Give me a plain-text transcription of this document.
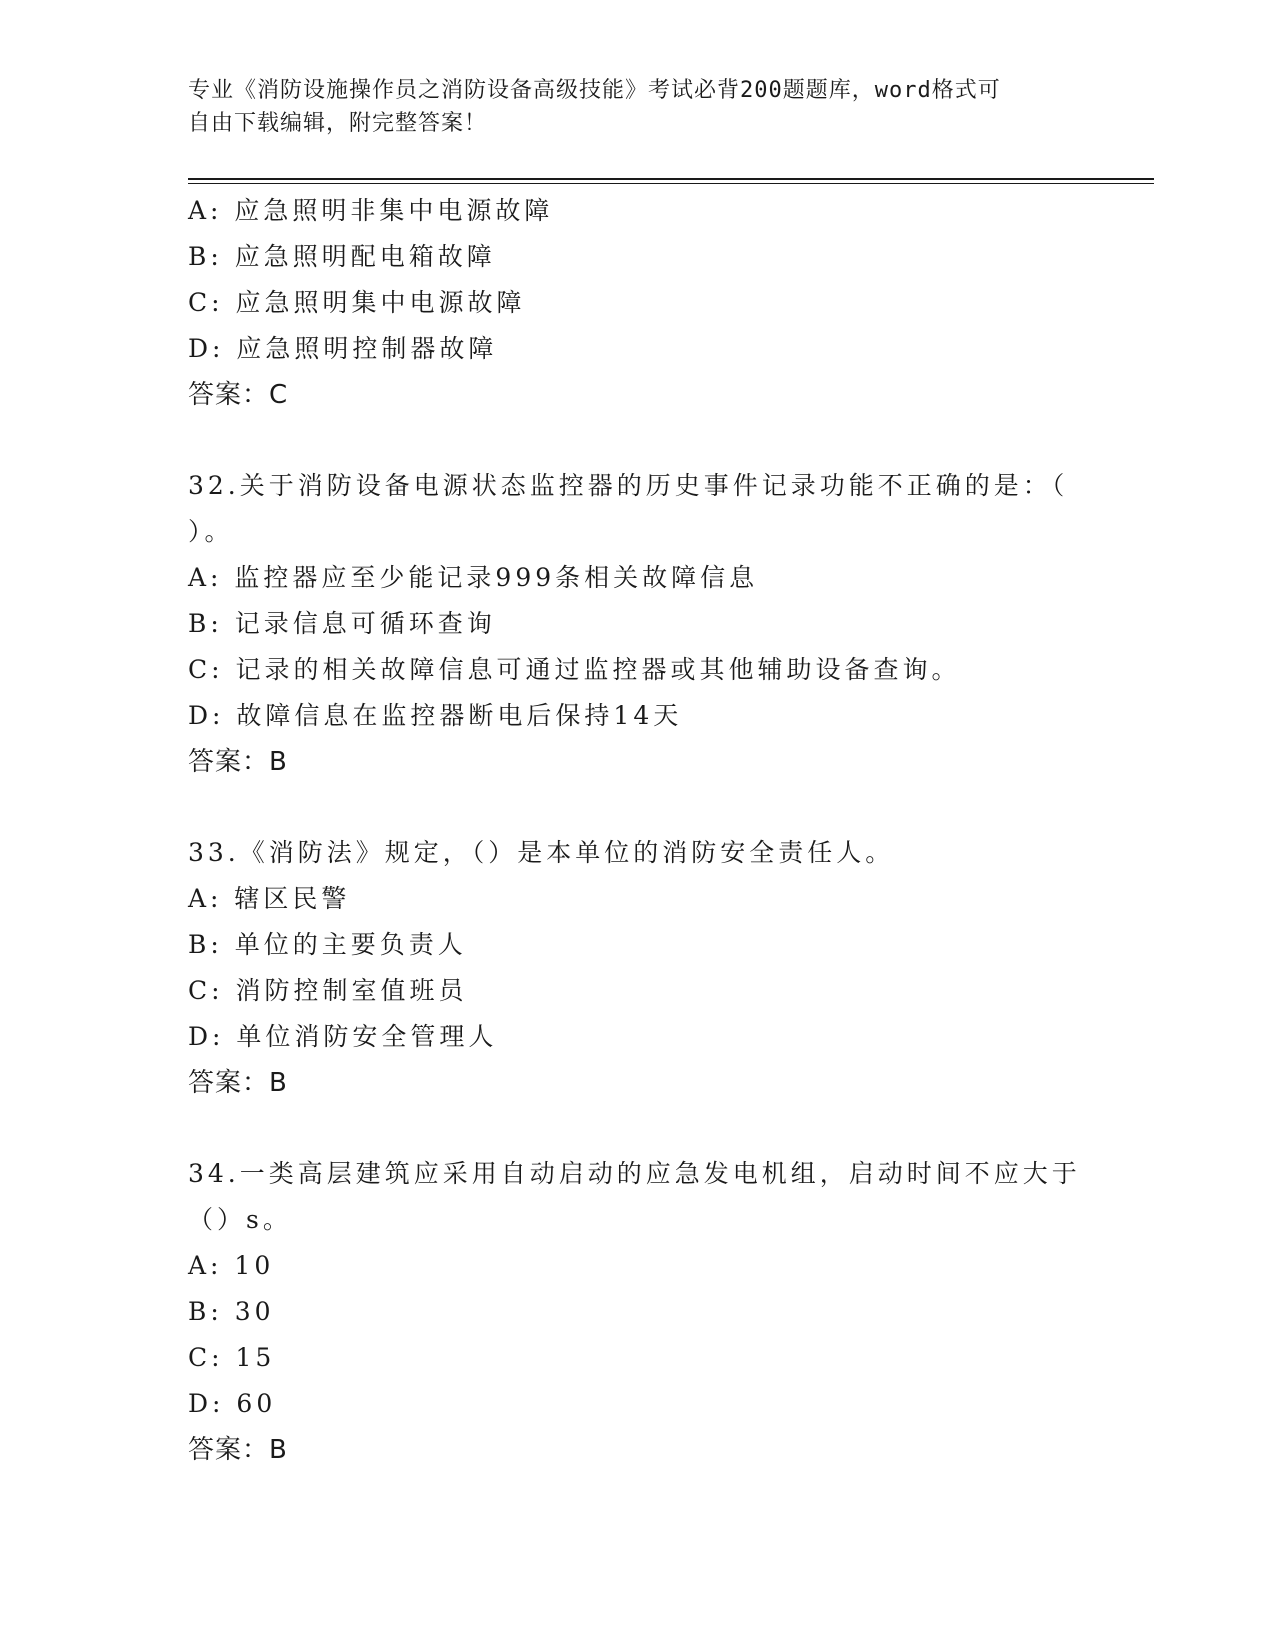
专业《消防设施操作员之消防设备高级技能》考试必背200题题库，word格式可
自由下载编辑，附完整答案！
A: 应急照明非集中电源故障
B: 应急照明配电箱故障
C: 应急照明集中电源故障
D: 应急照明控制器故障
答案：C
32.关于消防设备电源状态监控器的历史事件记录功能不正确的是：（
）。
A: 监控器应至少能记录999条相关故障信息
B: 记录信息可循环查询
C: 记录的相关故障信息可通过监控器或其他辅助设备查询。
D: 故障信息在监控器断电后保持14天
答案：B
33.《消防法》规定，（）是本单位的消防安全责任人。
A: 辖区民警
B: 单位的主要负责人
C: 消防控制室值班员
D: 单位消防安全管理人
答案：B
34.一类高层建筑应采用自动启动的应急发电机组，启动时间不应大于
（）s。
A: 10
B: 30
C: 15
D: 60
答案：B
